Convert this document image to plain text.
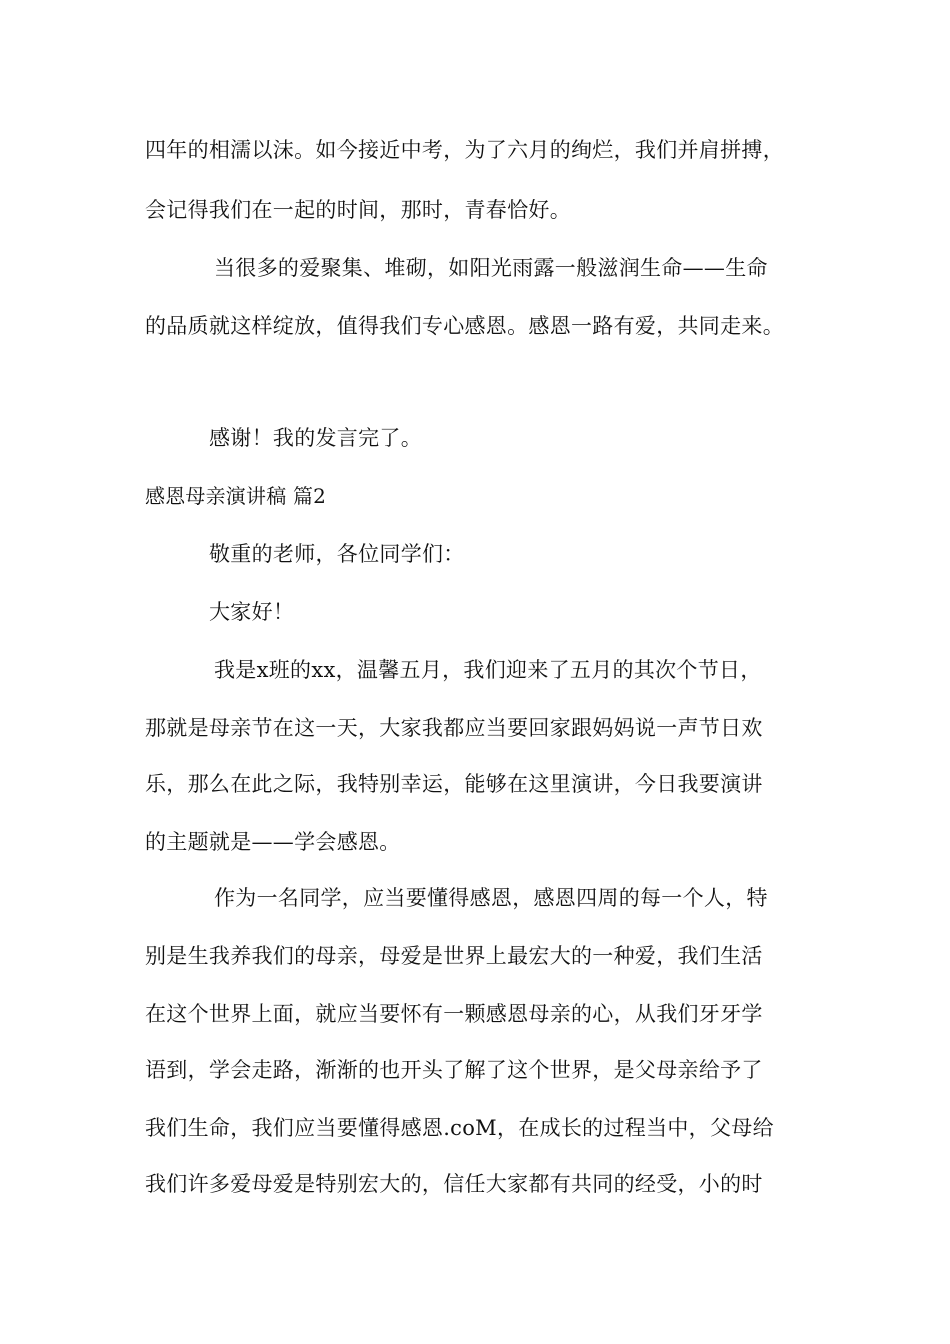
四年的相濡以沫。如今接近中考，为了六月的绚烂，我们并肩拼搏，
会记得我们在一起的时间，那时，青春恰好。
当很多的爱聚集、堆砌，如阳光雨露一般滋润生命——生命
的品质就这样绽放，值得我们专心感恩。感恩一路有爱，共同走来。
感谢！我的发言完了。
感恩母亲演讲稿 篇2
敬重的老师，各位同学们：
大家好！
我是x班的xx，温馨五月，我们迎来了五月的其次个节日，
那就是母亲节在这一天，大家我都应当要回家跟妈妈说一声节日欢
乐，那么在此之际，我特别幸运，能够在这里演讲，今日我要演讲
的主题就是——学会感恩。
作为一名同学，应当要懂得感恩，感恩四周的每一个人，特
别是生我养我们的母亲，母爱是世界上最宏大的一种爱，我们生活
在这个世界上面，就应当要怀有一颗感恩母亲的心，从我们牙牙学
语到，学会走路，渐渐的也开头了解了这个世界，是父母亲给予了
我们生命，我们应当要懂得感恩.coM，在成长的过程当中，父母给
我们许多爱母爱是特别宏大的，信任大家都有共同的经受，小的时
